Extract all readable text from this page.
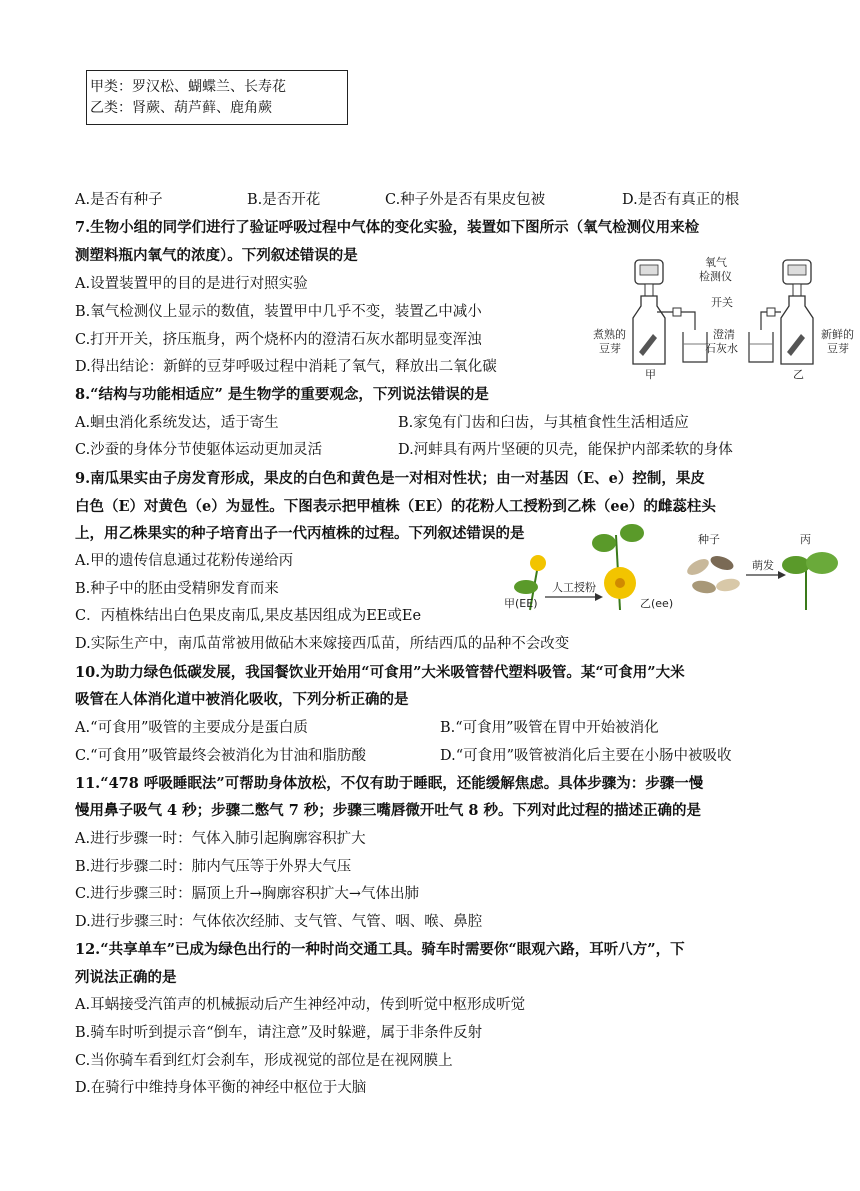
甲类：罗汉松、蝴蝶兰、长寿花
乙类：肾蕨、葫芦藓、鹿角蕨
A.是否有种子	B.是否开花	C.种子外是否有果皮包被	D.是否有真正的根
7.生物小组的同学们进行了验证呼吸过程中气体的变化实验，装置如下图所示（氧气检测仪用来检
测塑料瓶内氧气的浓度）。下列叙述错误的是
A.设置装置甲的目的是进行对照实验
B.氧气检测仪上显示的数值，装置甲中几乎不变，装置乙中减小
C.打开开关，挤压瓶身，两个烧杯内的澄清石灰水都明显变浑浊
D.得出结论：新鲜的豆芽呼吸过程中消耗了氧气，释放出二氧化碳
氧气
检测仪
开关
煮熟的
豆芽
澄清
石灰水
新鲜的
豆芽
甲	乙
8.“结构与功能相适应” 是生物学的重要观念，下列说法错误的是
A.蛔虫消化系统发达，适于寄生	B.家兔有门齿和臼齿，与其植食性生活相适应
C.沙蚕的身体分节使躯体运动更加灵活	D.河蚌具有两片坚硬的贝壳，能保护内部柔软的身体
9.南瓜果实由子房发育形成，果皮的白色和黄色是一对相对性状；由一对基因（E、e）控制，果皮
白色（E）对黄色（e）为显性。下图表示把甲植株（EE）的花粉人工授粉到乙株（ee）的雌蕊柱头
上，用乙株果实的种子培育出子一代丙植株的过程。下列叙述错误的是
A.甲的遗传信息通过花粉传递给丙
B.种子中的胚由受精卵发育而来
C．丙植株结出白色果皮南瓜,果皮基因组成为EE或Ee
D.实际生产中，南瓜苗常被用做砧木来嫁接西瓜苗，所结西瓜的品种不会改变
甲(EE)
人工授粉
乙(ee)
种子
萌发
丙
10.为助力绿色低碳发展，我国餐饮业开始用“可食用”大米吸管替代塑料吸管。某“可食用”大米
吸管在人体消化道中被消化吸收，下列分析正确的是
A.“可食用”吸管的主要成分是蛋白质	B.“可食用”吸管在胃中开始被消化
C.“可食用”吸管最终会被消化为甘油和脂肪酸	D.“可食用”吸管被消化后主要在小肠中被吸收
11.“478 呼吸睡眠法”可帮助身体放松，不仅有助于睡眠，还能缓解焦虑。具体步骤为：步骤一慢
慢用鼻子吸气 4 秒；步骤二憋气 7 秒；步骤三嘴唇微开吐气 8 秒。下列对此过程的描述正确的是
A.进行步骤一时：气体入肺引起胸廓容积扩大
B.进行步骤二时：肺内气压等于外界大气压
C.进行步骤三时：膈顶上升→胸廓容积扩大→气体出肺
D.进行步骤三时：气体依次经肺、支气管、气管、咽、喉、鼻腔
12.“共享单车”已成为绿色出行的一种时尚交通工具。骑车时需要你“眼观六路，耳听八方”，下
列说法正确的是
A.耳蜗接受汽笛声的机械振动后产生神经冲动，传到听觉中枢形成听觉
B.骑车时听到提示音“倒车，请注意”及时躲避，属于非条件反射
C.当你骑车看到红灯会刹车，形成视觉的部位是在视网膜上
D.在骑行中维持身体平衡的神经中枢位于大脑
